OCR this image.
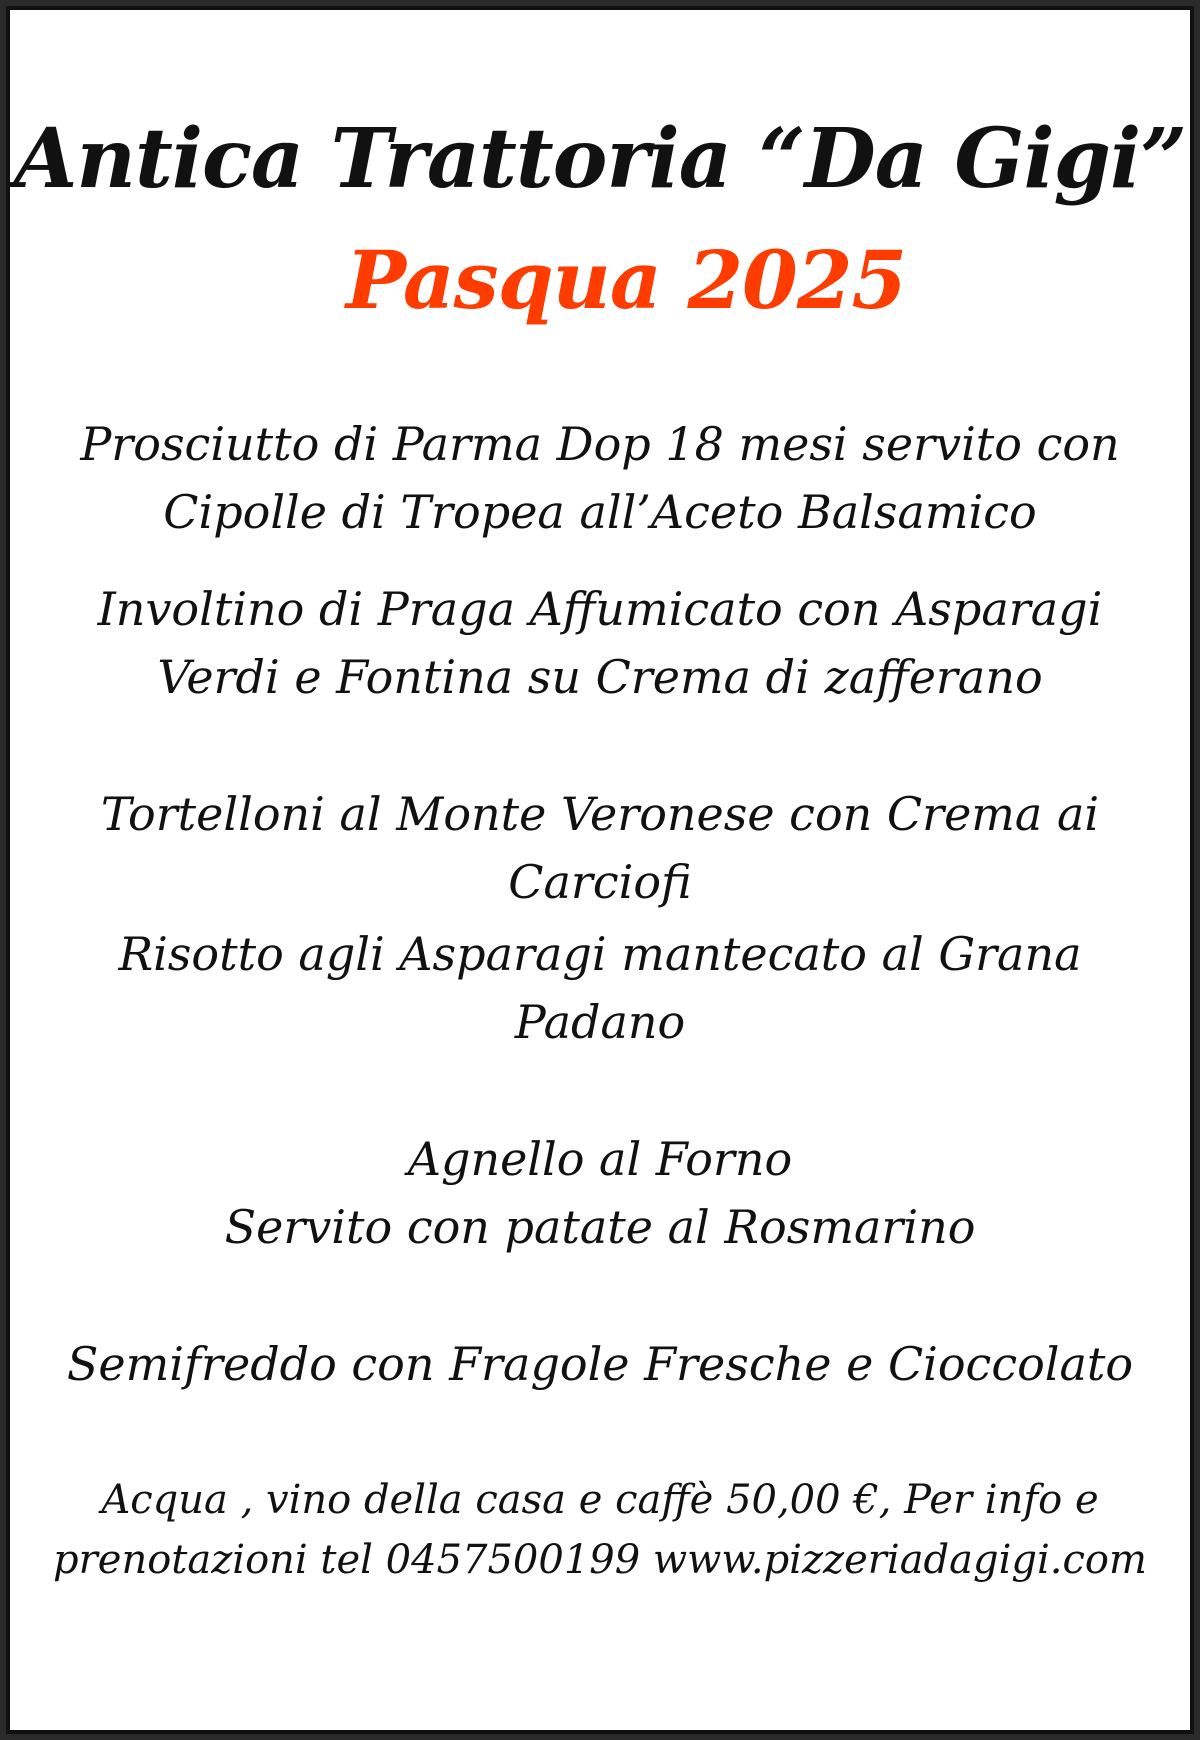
Antica Trattoria “Da Gigi”
Pasqua 2025
Prosciutto di Parma Dop 18 mesi servito con
Cipolle di Tropea all’Aceto Balsamico
Involtino di Praga Affumicato con Asparagi
Verdi e Fontina su Crema di zafferano
Tortelloni al Monte Veronese con Crema ai
Carciofi
Risotto agli Asparagi mantecato al Grana
Padano
Agnello al Forno
Servito con patate al Rosmarino
Semifreddo con Fragole Fresche e Cioccolato
Acqua , vino della casa e caffè 50,00 €, Per info e
prenotazioni tel 0457500199 www.pizzeriadagigi.com
